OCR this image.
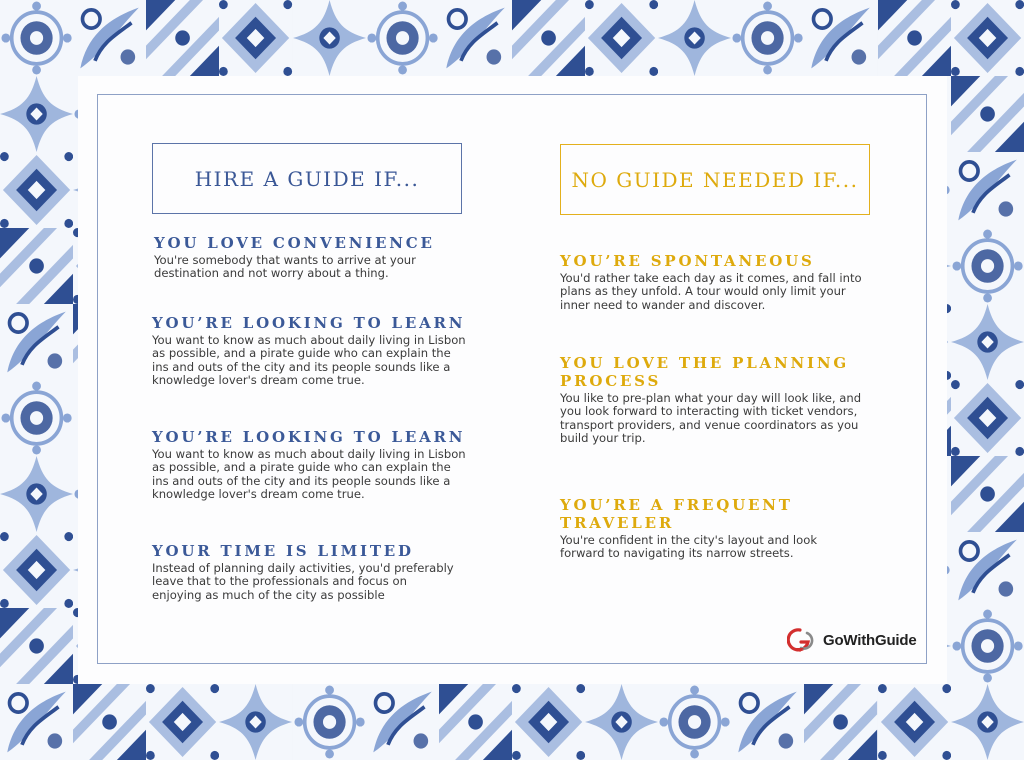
HIRE A GUIDE IF...	NO GUIDE NEEDED IF...
YOU LOVE CONVENIENCE
You're somebody that wants to arrive at your destination and not worry about a thing.
YOU’RE LOOKING TO LEARN
You want to know as much about daily living in Lisbon as possible, and a pirate guide who can explain the ins and outs of the city and its people sounds like a knowledge lover's dream come true.
YOU’RE LOOKING TO LEARN
You want to know as much about daily living in Lisbon as possible, and a pirate guide who can explain the ins and outs of the city and its people sounds like a knowledge lover's dream come true.
YOUR TIME IS LIMITED
Instead of planning daily activities, you'd preferably leave that to the professionals and focus on enjoying as much of the city as possible
YOU’RE SPONTANEOUS
You'd rather take each day as it comes, and fall into plans as they unfold. A tour would only limit your inner need to wander and discover.
YOU LOVE THE PLANNING PROCESS
You like to pre-plan what your day will look like, and you look forward to interacting with ticket vendors, transport providers, and venue coordinators as you build your trip.
YOU’RE A FREQUENT TRAVELER
You're confident in the city's layout and look forward to navigating its narrow streets.
GoWithGuide
